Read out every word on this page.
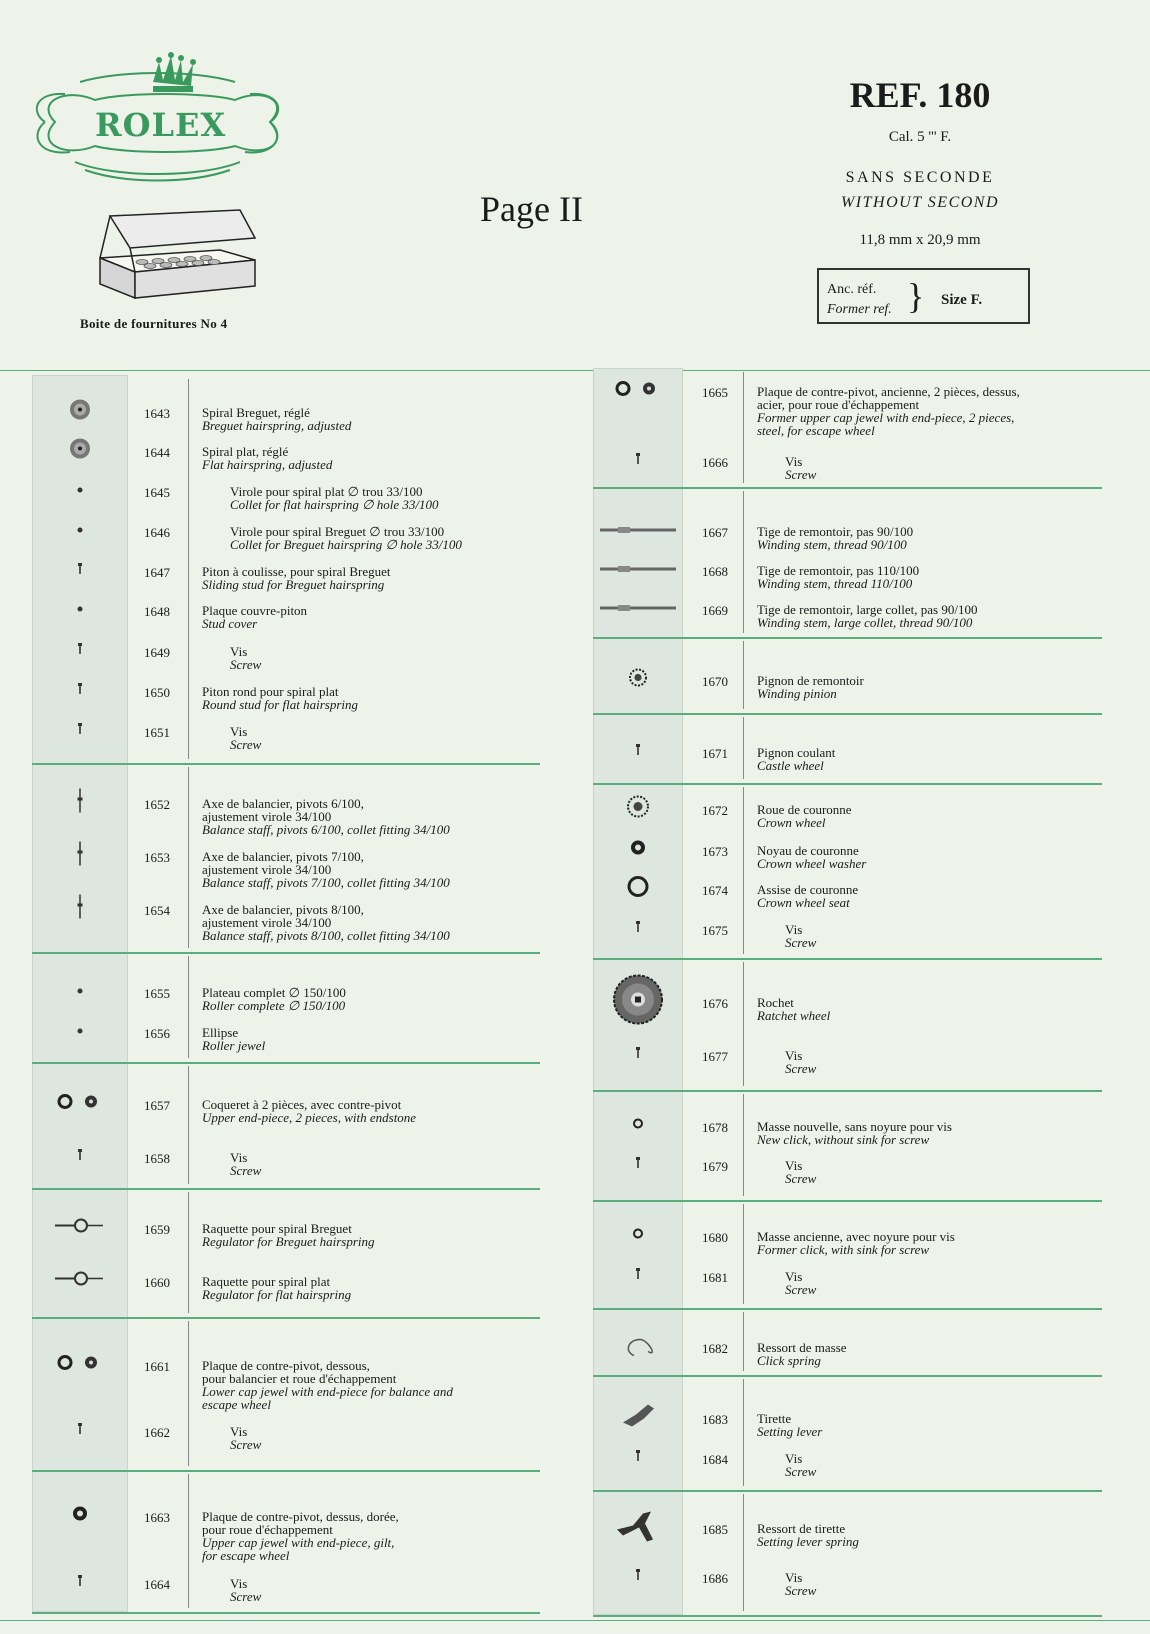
ROLEX
Boite de fournitures No 4
Page II
REF. 180
Cal. 5 ''' F.
SANS SECONDE
WITHOUT SECOND
11,8 mm x 20,9 mm
Anc. réf.
Former ref. } Size F.
1643	Spiral Breguet, réglé
Breguet hairspring, adjusted
1644	Spiral plat, réglé
Flat hairspring, adjusted
1645	Virole pour spiral plat ∅ trou 33/100
Collet for flat hairspring ∅ hole 33/100
1646	Virole pour spiral Breguet ∅ trou 33/100
Collet for Breguet hairspring ∅ hole 33/100
1647	Piton à coulisse, pour spiral Breguet
Sliding stud for Breguet hairspring
1648	Plaque couvre-piton
Stud cover
1649	Vis
Screw
1650	Piton rond pour spiral plat
Round stud for flat hairspring
1651	Vis
Screw
1652	Axe de balancier, pivots 6/100,
ajustement virole 34/100
Balance staff, pivots 6/100, collet fitting 34/100
1653	Axe de balancier, pivots 7/100,
ajustement virole 34/100
Balance staff, pivots 7/100, collet fitting 34/100
1654	Axe de balancier, pivots 8/100,
ajustement virole 34/100
Balance staff, pivots 8/100, collet fitting 34/100
1655	Plateau complet ∅ 150/100
Roller complete ∅ 150/100
1656	Ellipse
Roller jewel
1657	Coqueret à 2 pièces, avec contre-pivot
Upper end-piece, 2 pieces, with endstone
1658	Vis
Screw
1659	Raquette pour spiral Breguet
Regulator for Breguet hairspring
1660	Raquette pour spiral plat
Regulator for flat hairspring
1661	Plaque de contre-pivot, dessous,
pour balancier et roue d'échappement
Lower cap jewel with end-piece for balance and
escape wheel
1662	Vis
Screw
1663	Plaque de contre-pivot, dessus, dorée,
pour roue d'échappement
Upper cap jewel with end-piece, gilt,
for escape wheel
1664	Vis
Screw
1665	Plaque de contre-pivot, ancienne, 2 pièces, dessus,
acier, pour roue d'échappement
Former upper cap jewel with end-piece, 2 pieces,
steel, for escape wheel
1666	Vis
Screw
1667	Tige de remontoir, pas 90/100
Winding stem, thread 90/100
1668	Tige de remontoir, pas 110/100
Winding stem, thread 110/100
1669	Tige de remontoir, large collet, pas 90/100
Winding stem, large collet, thread 90/100
1670	Pignon de remontoir
Winding pinion
1671	Pignon coulant
Castle wheel
1672	Roue de couronne
Crown wheel
1673	Noyau de couronne
Crown wheel washer
1674	Assise de couronne
Crown wheel seat
1675	Vis
Screw
1676	Rochet
Ratchet wheel
1677	Vis
Screw
1678	Masse nouvelle, sans noyure pour vis
New click, without sink for screw
1679	Vis
Screw
1680	Masse ancienne, avec noyure pour vis
Former click, with sink for screw
1681	Vis
Screw
1682	Ressort de masse
Click spring
1683	Tirette
Setting lever
1684	Vis
Screw
1685	Ressort de tirette
Setting lever spring
1686	Vis
Screw
